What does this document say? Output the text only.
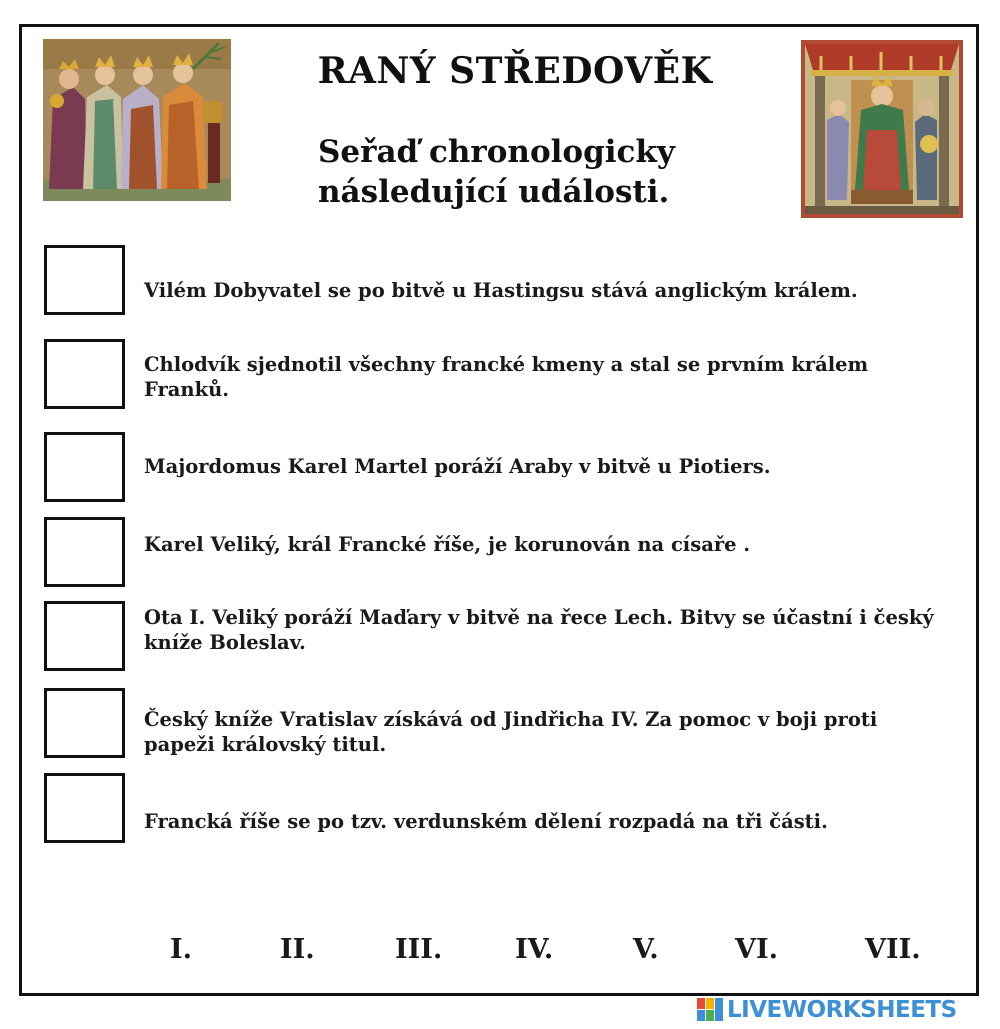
RANÝ STŘEDOVĚK
Seřaď chronologicky
následující události.
Vilém Dobyvatel se po bitvě u Hastingsu stává anglickým králem.
Chlodvík sjednotil všechny francké kmeny a stal se prvním králem
Franků.
Majordomus Karel Martel poráží Araby v bitvě u Piotiers.
Karel Veliký, král Francké říše, je korunován na císaře .
Ota I. Veliký poráží Maďary v bitvě na řece Lech. Bitvy se účastní i český
kníže Boleslav.
Český kníže Vratislav získává od Jindřicha IV. Za pomoc v boji proti
papeži královský titul.
Francká říše se po tzv. verdunském dělení rozpadá na tři části.
I.	II.	III.	IV.	V.	VI.	VII.
LIVEWORKSHEETS
